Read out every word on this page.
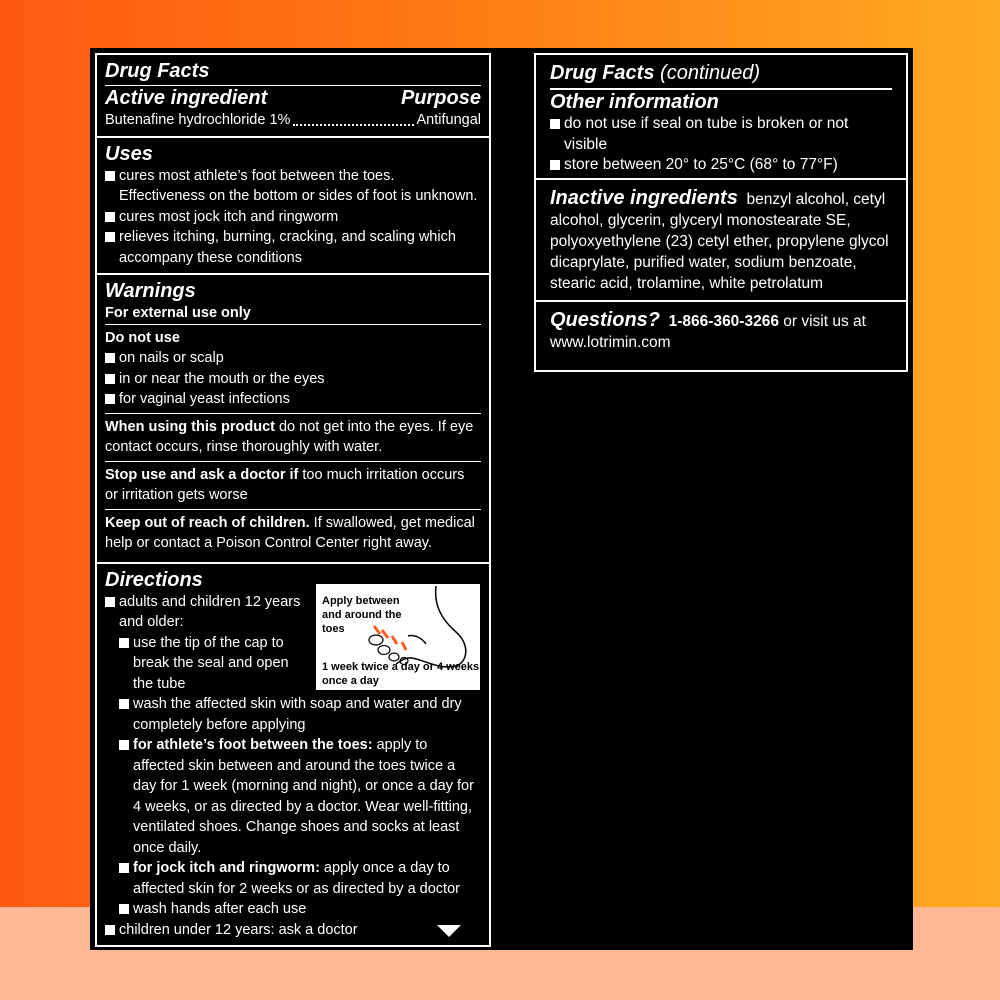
Drug Facts
Active ingredient	Purpose
Butenafine hydrochloride 1%	Antifungal
Uses
cures most athlete’s foot between the toes. Effectiveness on the bottom or sides of foot is unknown.
cures most jock itch and ringworm
relieves itching, burning, cracking, and scaling which accompany these conditions
Warnings
For external use only
Do not use
on nails or scalp
in or near the mouth or the eyes
for vaginal yeast infections
When using this product do not get into the eyes. If eye contact occurs, rinse thoroughly with water.
Stop use and ask a doctor if too much irritation occurs or irritation gets worse
Keep out of reach of children. If swallowed, get medical help or contact a Poison Control Center right away.
Directions
adults and children 12 years and older:
use the tip of the cap to break the seal and open the tube
wash the affected skin with soap and water and dry completely before applying
for athlete’s foot between the toes: apply to affected skin between and around the toes twice a day for 1 week (morning and night), or once a day for 4 weeks, or as directed by a doctor. Wear well-fitting, ventilated shoes. Change shoes and socks at least once daily.
for jock itch and ringworm: apply once a day to affected skin for 2 weeks or as directed by a doctor
wash hands after each use
children under 12 years: ask a doctor
Apply between and around the toes
1 week twice a day or 4 weeks once a day
Drug Facts (continued)
Other information
do not use if seal on tube is broken or not visible
store between 20° to 25°C (68° to 77°F)
Inactive ingredients benzyl alcohol, cetyl alcohol, glycerin, glyceryl monostearate SE, polyoxyethylene (23) cetyl ether, propylene glycol dicaprylate, purified water, sodium benzoate, stearic acid, trolamine, white petrolatum
Questions? 1-866-360-3266 or visit us at
www.lotrimin.com
